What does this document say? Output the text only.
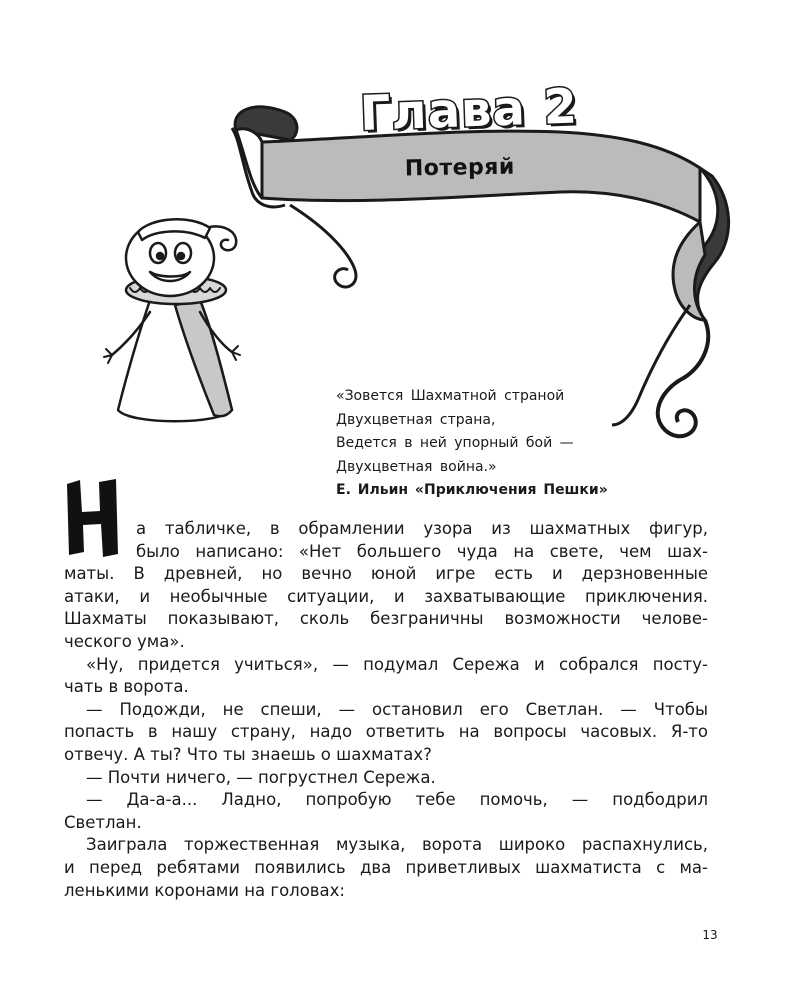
Глава 2
Потеряй
«Зовется Шахматной страной
Двухцветная страна,
Ведется в ней упорный бой —
Двухцветная война.»
Е. Ильин «Приключения Пешки»
а табличке, в обрамлении узора из шахматных фигур,
было написано: «Нет большего чуда на свете, чем шах-
маты. В древней, но вечно юной игре есть и дерзновенные
атаки, и необычные ситуации, и захватывающие приключения.
Шахматы показывают, сколь безграничны возможности челове-
ческого ума».
«Ну, придется учиться», — подумал Сережа и собрался посту-
чать в ворота.
— Подожди, не спеши, — остановил его Светлан. — Чтобы
попасть в нашу страну, надо ответить на вопросы часовых. Я-то
отвечу. А ты? Что ты знаешь о шахматах?
— Почти ничего, — погрустнел Сережа.
— Да-а-а... Ладно, попробую тебе помочь, — подбодрил
Светлан.
Заиграла торжественная музыка, ворота широко распахнулись,
и перед ребятами появились два приветливых шахматиста с ма-
ленькими коронами на головах:
13
